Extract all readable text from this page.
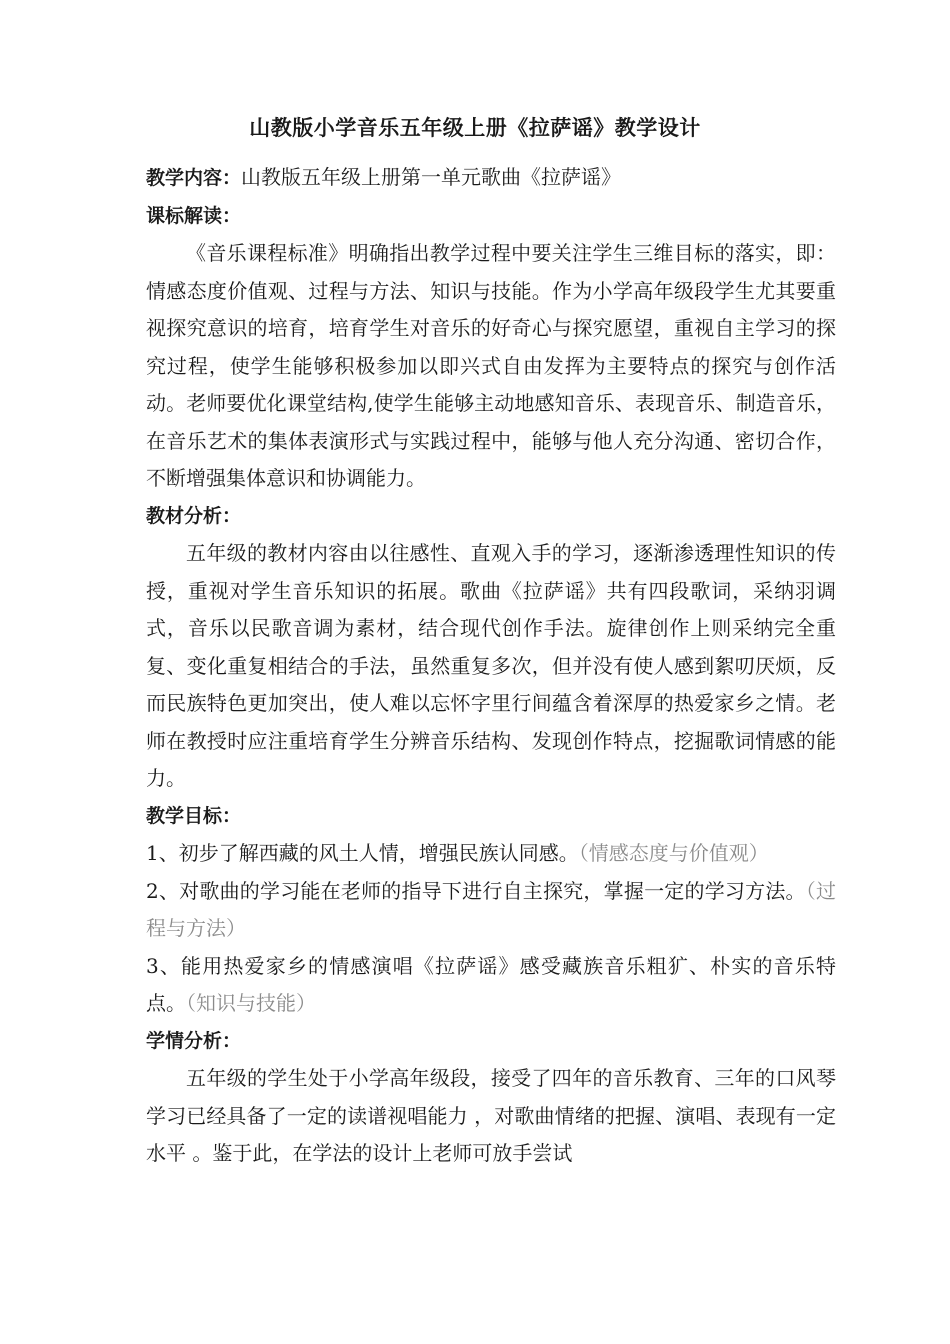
山教版小学音乐五年级上册《拉萨谣》教学设计

教学内容：山教版五年级上册第一单元歌曲《拉萨谣》

课标解读：

《音乐课程标准》明确指出教学过程中要关注学生三维目标的落实，即：情感态度价值观、过程与方法、知识与技能。作为小学高年级段学生尤其要重视探究意识的培育，培育学生对音乐的好奇心与探究愿望，重视自主学习的探究过程，使学生能够积极参加以即兴式自由发挥为主要特点的探究与创作活动。老师要优化课堂结构,使学生能够主动地感知音乐、表现音乐、制造音乐，在音乐艺术的集体表演形式与实践过程中，能够与他人充分沟通、密切合作，不断增强集体意识和协调能力。

教材分析：

五年级的教材内容由以往感性、直观入手的学习，逐渐渗透理性知识的传授，重视对学生音乐知识的拓展。歌曲《拉萨谣》共有四段歌词，采纳羽调式，音乐以民歌音调为素材，结合现代创作手法。旋律创作上则采纳完全重复、变化重复相结合的手法，虽然重复多次，但并没有使人感到絮叨厌烦，反而民族特色更加突出，使人难以忘怀字里行间蕴含着深厚的热爱家乡之情。老师在教授时应注重培育学生分辨音乐结构、发现创作特点，挖掘歌词情感的能力。

教学目标：

1、初步了解西藏的风土人情，增强民族认同感。（情感态度与价值观）

2、对歌曲的学习能在老师的指导下进行自主探究，掌握一定的学习方法。（过程与方法）

3、能用热爱家乡的情感演唱《拉萨谣》感受藏族音乐粗犷、朴实的音乐特点。（知识与技能）

学情分析：

五年级的学生处于小学高年级段，接受了四年的音乐教育、三年的口风琴学习已经具备了一定的读谱视唱能力 ，对歌曲情绪的把握、演唱、表现有一定水平 。鉴于此，在学法的设计上老师可放手尝试
